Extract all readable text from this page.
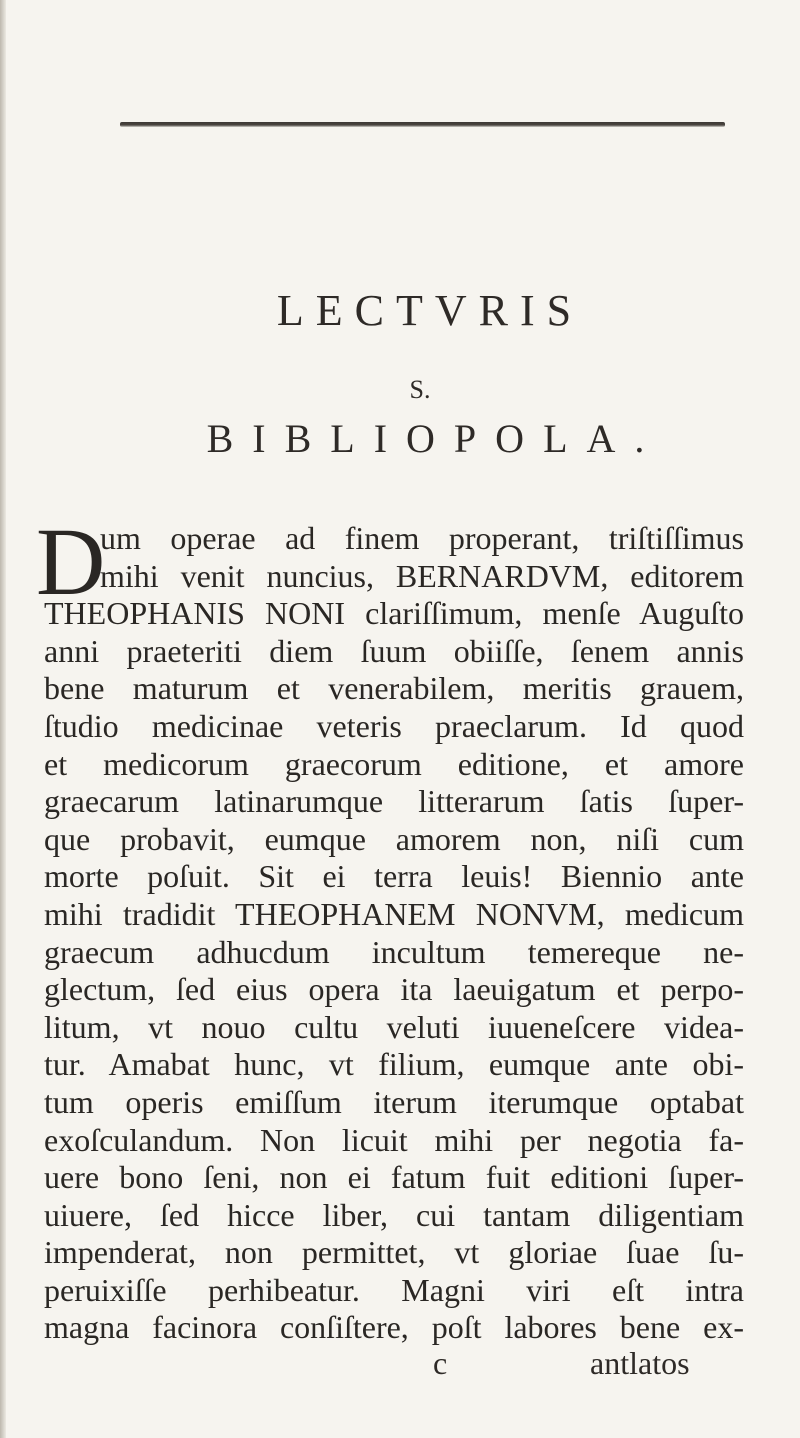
LECTVRIS
S.
BIBLIOPOLA.
D
um operae ad finem properant, triſtiſſimus
mihi venit nuncius, BERNARDVM, editorem
THEOPHANIS NONI clariſſimum, menſe Auguſto
anni praeteriti diem ſuum obiiſſe, ſenem annis
bene maturum et venerabilem, meritis grauem,
ſtudio medicinae veteris praeclarum. Id quod
et medicorum graecorum editione, et amore
graecarum latinarumque litterarum ſatis ſuper-
que probavit, eumque amorem non, niſi cum
morte poſuit. Sit ei terra leuis! Biennio ante
mihi tradidit THEOPHANEM NONVM, medicum
graecum adhucdum incultum temereque ne-
glectum, ſed eius opera ita laeuigatum et perpo-
litum, vt nouo cultu veluti iuueneſcere videa-
tur. Amabat hunc, vt filium, eumque ante obi-
tum operis emiſſum iterum iterumque optabat
exoſculandum. Non licuit mihi per negotia fa-
uere bono ſeni, non ei fatum fuit editioni ſuper-
uiuere, ſed hicce liber, cui tantam diligentiam
impenderat, non permittet, vt gloriae ſuae ſu-
peruixiſſe perhibeatur. Magni viri eſt intra
magna facinora conſiſtere, poſt labores bene ex-
c	antlatos
